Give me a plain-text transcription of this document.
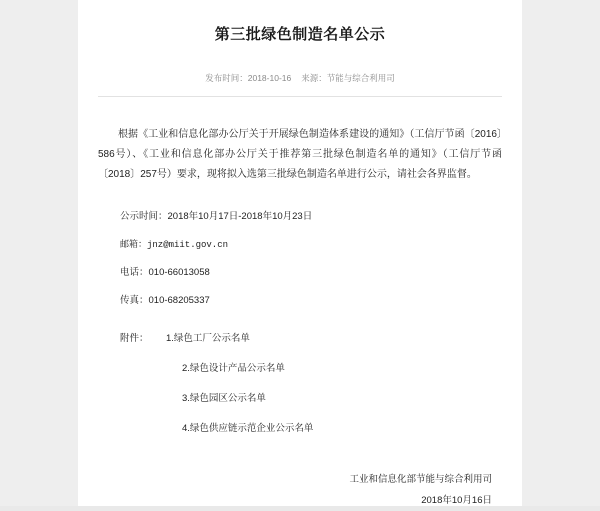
第三批绿色制造名单公示
发布时间：2018-10-16 来源：节能与综合利用司

根据《工业和信息化部办公厅关于开展绿色制造体系建设的通知》（工信厅节函〔2016〕586号）、《工业和信息化部办公厅关于推荐第三批绿色制造名单的通知》（工信厅节函〔2018〕257号）要求，现将拟入选第三批绿色制造名单进行公示，请社会各界监督。

公示时间：2018年10月17日-2018年10月23日
邮箱：jnz@miit.gov.cn
电话：010-66013058
传真：010-68205337
附件：	1.绿色工厂公示名单
2.绿色设计产品公示名单
3.绿色园区公示名单
4.绿色供应链示范企业公示名单
工业和信息化部节能与综合利用司
2018年10月16日
